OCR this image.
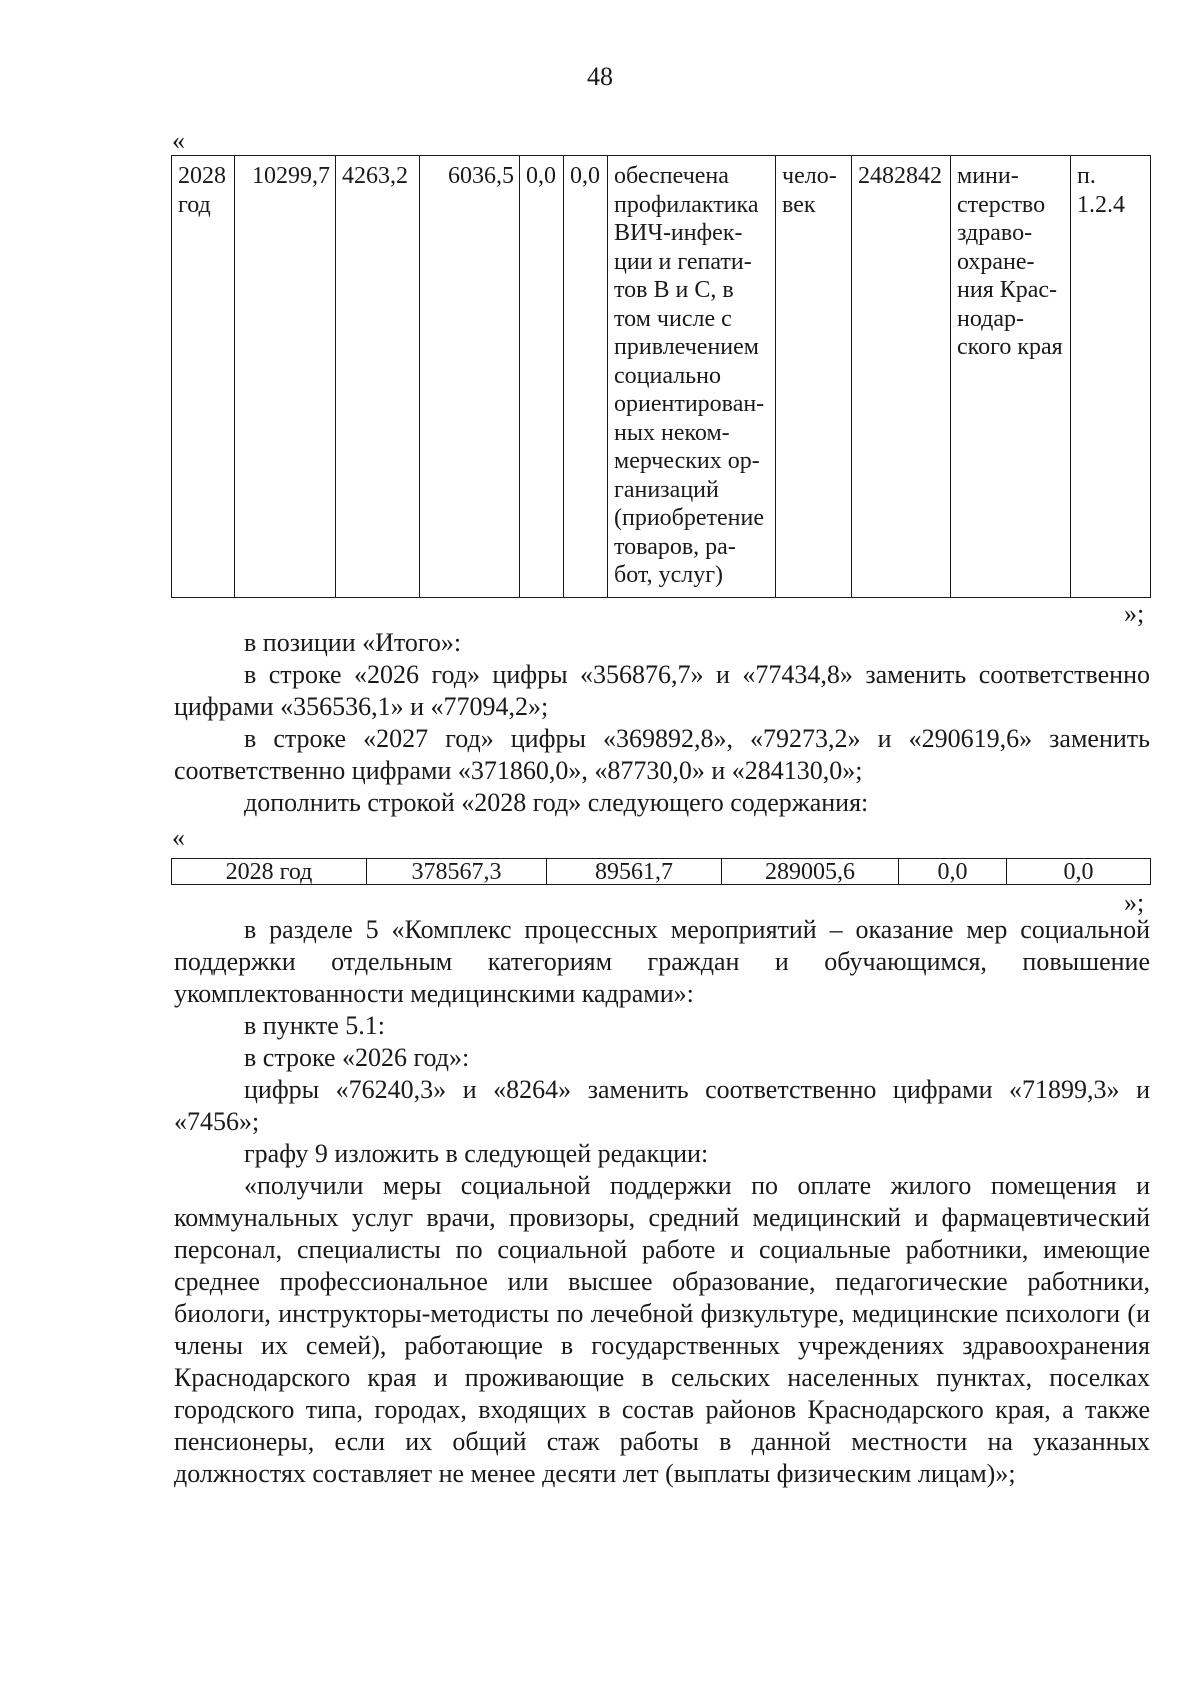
48
«
2028 год	10299,7	4263,2	6036,5	0,0	0,0	обеспечена профилактика ВИЧ-инфек-ции и гепати-тов В и С, в том числе с привлечением социально ориентирован-ных неком-мерческих ор-ганизаций (приобретение товаров, ра-бот, услуг)	чело-век	2482842	мини-стерство здраво-охране-ния Крас-нодар-ского края	п. 1.2.4
»;
в позиции «Итого»:
в строке «2026 год» цифры «356876,7» и «77434,8» заменить соответственно цифрами «356536,1» и «77094,2»;
в строке «2027 год» цифры «369892,8», «79273,2» и «290619,6» заменить соответственно цифрами «371860,0», «87730,0» и «284130,0»;
дополнить строкой «2028 год» следующего содержания:
«
2028 год	378567,3	89561,7	289005,6	0,0	0,0
»;
в разделе 5 «Комплекс процессных мероприятий – оказание мер социальной поддержки отдельным категориям граждан и обучающимся, повышение укомплектованности медицинскими кадрами»:
в пункте 5.1:
в строке «2026 год»:
цифры «76240,3» и «8264» заменить соответственно цифрами «71899,3» и «7456»;
графу 9 изложить в следующей редакции:
«получили меры социальной поддержки по оплате жилого помещения и коммунальных услуг врачи, провизоры, средний медицинский и фармацевтический персонал, специалисты по социальной работе и социальные работники, имеющие среднее профессиональное или высшее образование, педагогические работники, биологи, инструкторы-методисты по лечебной физкультуре, медицинские психологи (и члены их семей), работающие в государственных учреждениях здравоохранения Краснодарского края и проживающие в сельских населенных пунктах, поселках городского типа, городах, входящих в состав районов Краснодарского края, а также пенсионеры, если их общий стаж работы в данной местности на указанных должностях составляет не менее десяти лет (выплаты физическим лицам)»;
